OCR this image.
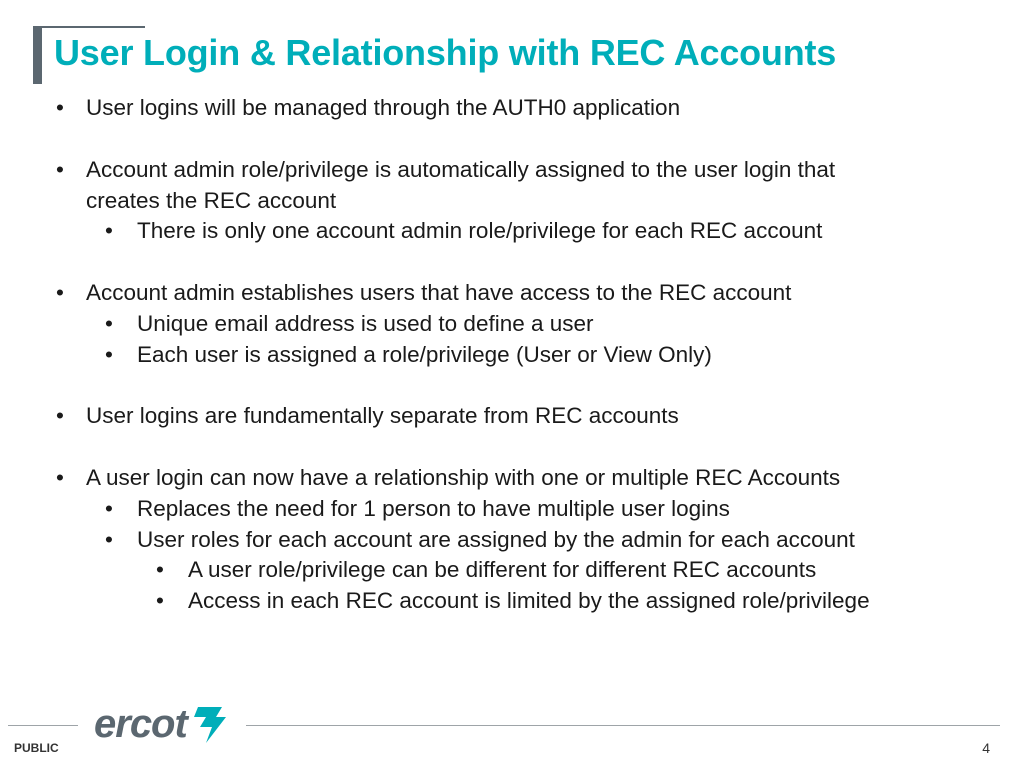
User Login & Relationship with REC Accounts
• User logins will be managed through the AUTH0 application
• Account admin role/privilege is automatically assigned to the user login that
creates the REC account
• There is only one account admin role/privilege for each REC account
• Account admin establishes users that have access to the REC account
• Unique email address is used to define a user
• Each user is assigned a role/privilege (User or View Only)
• User logins are fundamentally separate from REC accounts
• A user login can now have a relationship with one or multiple REC Accounts
• Replaces the need for 1 person to have multiple user logins
• User roles for each account are assigned by the admin for each account
• A user role/privilege can be different for different REC accounts
• Access in each REC account is limited by the assigned role/privilege
ercot
PUBLIC	4
